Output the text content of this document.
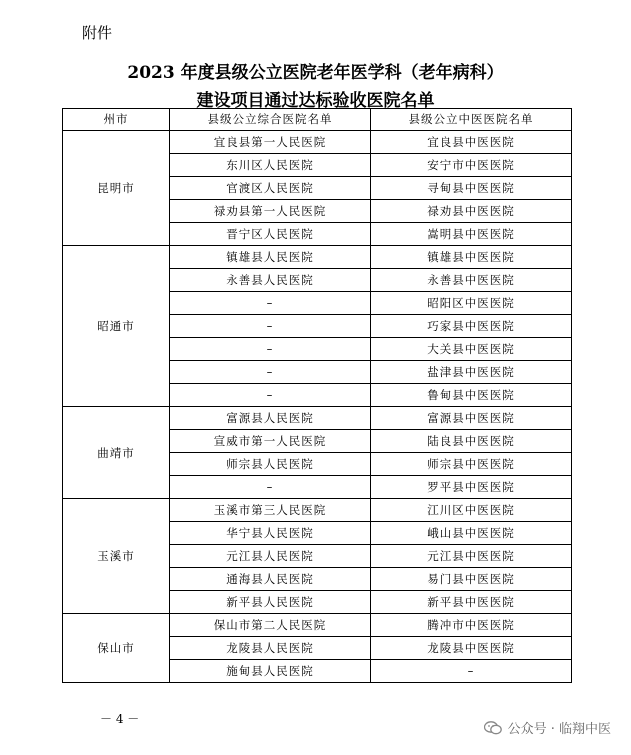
附件
2023 年度县级公立医院老年医学科（老年病科）
建设项目通过达标验收医院名单
州市	县级公立综合医院名单	县级公立中医医院名单
昆明市	宜良县第一人民医院	宜良县中医医院
	东川区人民医院	安宁市中医医院
	官渡区人民医院	寻甸县中医医院
	禄劝县第一人民医院	禄劝县中医医院
	晋宁区人民医院	嵩明县中医医院
昭通市	镇雄县人民医院	镇雄县中医医院
	永善县人民医院	永善县中医医院
	–	昭阳区中医医院
	–	巧家县中医医院
	–	大关县中医医院
	–	盐津县中医医院
	–	鲁甸县中医医院
曲靖市	富源县人民医院	富源县中医医院
	宣威市第一人民医院	陆良县中医医院
	师宗县人民医院	师宗县中医医院
	–	罗平县中医医院
玉溪市	玉溪市第三人民医院	江川区中医医院
	华宁县人民医院	峨山县中医医院
	元江县人民医院	元江县中医医院
	通海县人民医院	易门县中医医院
	新平县人民医院	新平县中医医院
保山市	保山市第二人民医院	腾冲市中医医院
	龙陵县人民医院	龙陵县中医医院
	施甸县人民医院	–
－ 4 －
公众号 · 临翔中医
